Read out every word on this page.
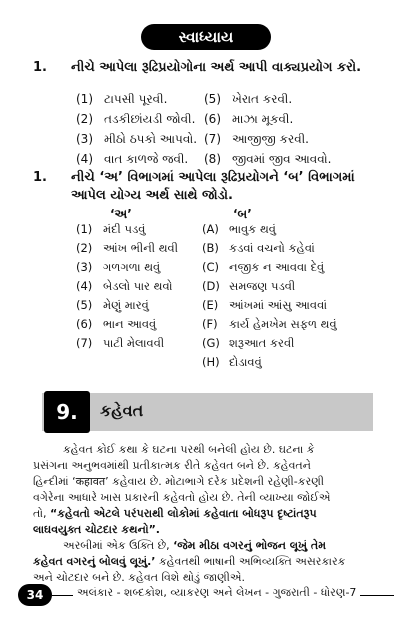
સ્વાધ્યાય
1. નીચે આપેલા રૂઢિપ્રયોગોના અર્થ આપી વાક્યપ્રયોગ કરો.
(1) ટાપસી પૂરવી.	(5) ખેરાત કરવી.
(2) તડકીછાંયડી જોવી. (6) માઝા મૂકવી.
(3) મીઠો ઠપકો આપવો. (7) આજીજી કરવી.
(4) વાત કાળજે જવી. (8) જીવમાં જીવ આવવો.
1. નીચે ‘અ’ વિભાગમાં આપેલા રૂઢિપ્રયોગને ‘બ’ વિભાગમાં
આપેલ યોગ્ય અર્થ સાથે જોડો.
‘અ’	‘બ’
(1) મંદી પડવું	(A) ભાવુક થવું
(2) આંખ ભીની થવી (B) કડવાં વચનો કહેવાં
(3) ગળગળા થવું	(C) નજીક ન આવવા દેવું
(4) બેડલો પાર થવો	(D) સમજણ પડવી
(5) મેણું મારવું	(E) આંખમાં આંસુ આવવાં
(6) ભાન આવવું	(F) કાર્ય હેમખેમ સફળ થવું
(7) પાટી મેલાવવી	(G) શરૂઆત કરવી
(H) દોડાવવું
9.	કહેવત
કહેવત કોઈ કથા કે ઘટના પરથી બનેલી હોય છે. ઘટના કે
પ્રસંગના અનુભવમાંથી પ્રતીકાત્મક રીતે કહેવત બને છે. કહેવતને
હિન્દીમાં ‘कहावत’ કહેવાય છે. મોટાભાગે દરેક પ્રદેશની રહેણી-કરણી
વગેરેના આધારે ખાસ પ્રકારની કહેવતો હોય છે. તેની વ્યાખ્યા જોઈએ
તો, “કહેવતો એટલે પરંપરાથી લોકોમાં કહેવાતા બોધરૂપ દૃષ્ટાંતરૂપ
લાઘવયુક્ત ચોટદાર કથનો”.
અરબીમાં એક ઉક્તિ છે, ‘જેમ મીઠા વગરનું ભોજન લૂખું તેમ
કહેવત વગરનું બોલવું લૂખું.’ કહેવતથી ભાષાની અભિવ્યક્તિ અસરકારક
અને ચોટદાર બને છે. કહેવત વિશે થોડું જાણીએ.
34	અલંકાર - શબ્દકોશ, વ્યાકરણ અને લેખન - ગુજરાતી - ધોરણ-7
